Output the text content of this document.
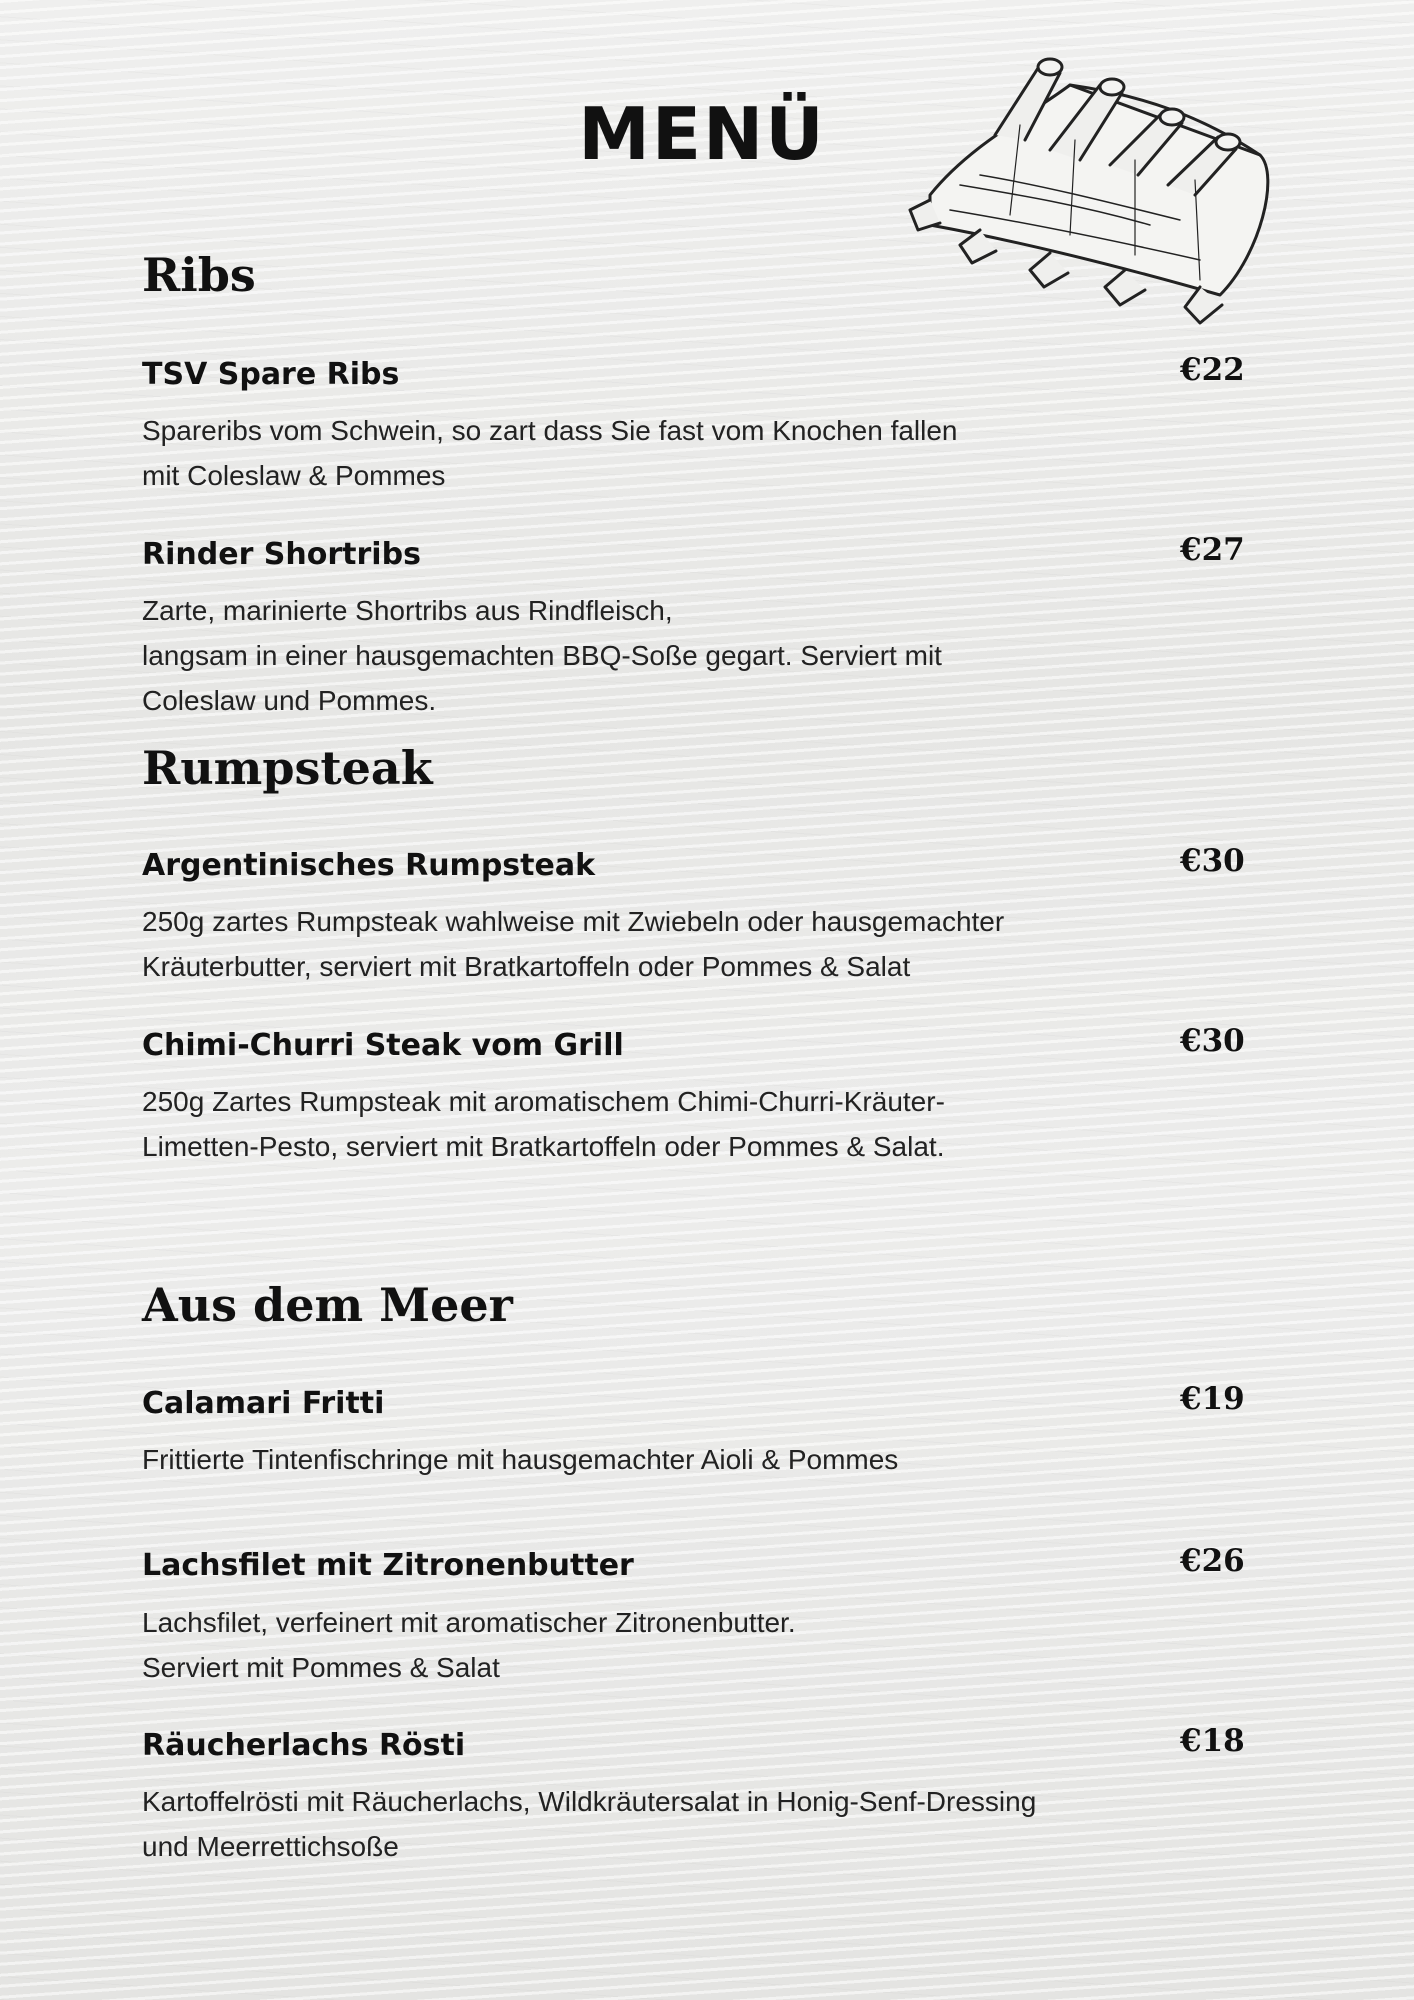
MENÜ
Ribs
TSV Spare Ribs	€22
Spareribs vom Schwein, so zart dass Sie fast vom Knochen fallen
mit Coleslaw & Pommes
Rinder Shortribs	€27
Zarte, marinierte Shortribs aus Rindfleisch,
langsam in einer hausgemachten BBQ-Soße gegart. Serviert mit
Coleslaw und Pommes.
Rumpsteak
Argentinisches Rumpsteak	€30
250g zartes Rumpsteak wahlweise mit Zwiebeln oder hausgemachter
Kräuterbutter, serviert mit Bratkartoffeln oder Pommes & Salat
Chimi-Churri Steak vom Grill	€30
250g Zartes Rumpsteak mit aromatischem Chimi-Churri-Kräuter-
Limetten-Pesto, serviert mit Bratkartoffeln oder Pommes & Salat.
Aus dem Meer
Calamari Fritti	€19
Frittierte Tintenfischringe mit hausgemachter Aioli & Pommes
Lachsfilet mit Zitronenbutter	€26
Lachsfilet, verfeinert mit aromatischer Zitronenbutter.
Serviert mit Pommes & Salat
Räucherlachs Rösti	€18
Kartoffelrösti mit Räucherlachs, Wildkräutersalat in Honig-Senf-Dressing
und Meerrettichsoße
